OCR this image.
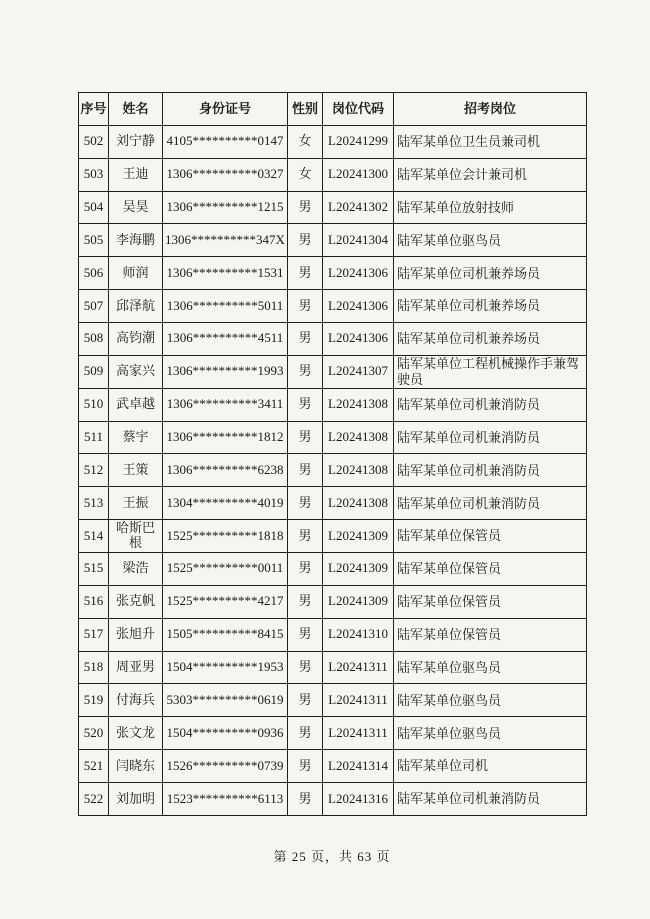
序号	姓名	身份证号	性别	岗位代码	招考岗位
502	刘宁静	4105**********0147	女	L20241299	陆军某单位卫生员兼司机
503	王迪	1306**********0327	女	L20241300	陆军某单位会计兼司机
504	吴昊	1306**********1215	男	L20241302	陆军某单位放射技师
505	李海鹏	1306**********347X	男	L20241304	陆军某单位驱鸟员
506	师润	1306**********1531	男	L20241306	陆军某单位司机兼养场员
507	邱泽航	1306**********5011	男	L20241306	陆军某单位司机兼养场员
508	高钧潮	1306**********4511	男	L20241306	陆军某单位司机兼养场员
509	高家兴	1306**********1993	男	L20241307	陆军某单位工程机械操作手兼驾驶员
510	武卓越	1306**********3411	男	L20241308	陆军某单位司机兼消防员
511	蔡宇	1306**********1812	男	L20241308	陆军某单位司机兼消防员
512	王策	1306**********6238	男	L20241308	陆军某单位司机兼消防员
513	王振	1304**********4019	男	L20241308	陆军某单位司机兼消防员
514	哈斯巴根	1525**********1818	男	L20241309	陆军某单位保管员
515	梁浩	1525**********0011	男	L20241309	陆军某单位保管员
516	张克帆	1525**********4217	男	L20241309	陆军某单位保管员
517	张旭升	1505**********8415	男	L20241310	陆军某单位保管员
518	周亚男	1504**********1953	男	L20241311	陆军某单位驱鸟员
519	付海兵	5303**********0619	男	L20241311	陆军某单位驱鸟员
520	张文龙	1504**********0936	男	L20241311	陆军某单位驱鸟员
521	闫晓东	1526**********0739	男	L20241314	陆军某单位司机
522	刘加明	1523**********6113	男	L20241316	陆军某单位司机兼消防员
第 25 页，共 63 页
